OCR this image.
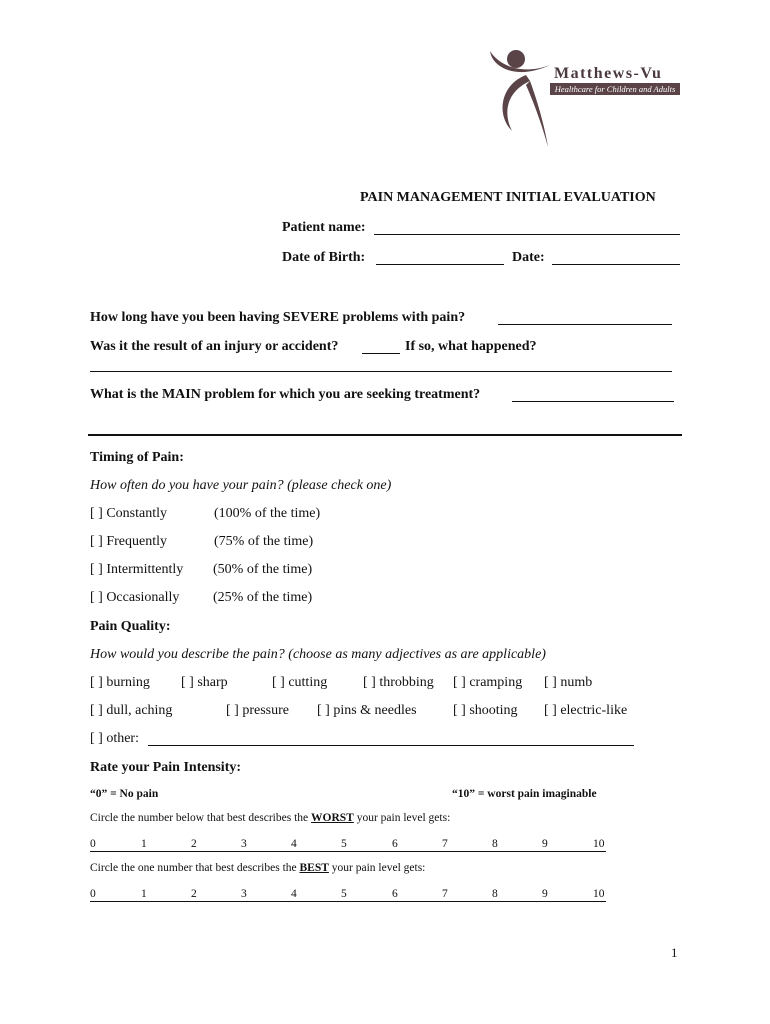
Matthews-Vu
Healthcare for Children and Adults
PAIN MANAGEMENT INITIAL EVALUATION
Patient name:
Date of Birth:	Date:
How long have you been having SEVERE problems with pain?
Was it the result of an injury or accident?	If so, what happened?
What is the MAIN problem for which you are seeking treatment?
Timing of Pain:
How often do you have your pain? (please check one)
[ ] Constantly	(100% of the time)
[ ] Frequently	(75% of the time)
[ ] Intermittently (50% of the time)
[ ] Occasionally (25% of the time)
Pain Quality:
How would you describe the pain? (choose as many adjectives as are applicable)
[ ] burning [ ] sharp	[ ] cutting	[ ] throbbing [ ] cramping [ ] numb
[ ] dull, aching	[ ] pressure [ ] pins & needles	[ ] shooting [ ] electric-like
[ ] other:
Rate your Pain Intensity:
“0” = No pain	“10” = worst pain imaginable
Circle the number below that best describes the WORST your pain level gets:
0	1	2	3	4	5	6	7	8	9	10
Circle the one number that best describes the BEST your pain level gets:
0	1	2	3	4	5	6	7	8	9	10
1
